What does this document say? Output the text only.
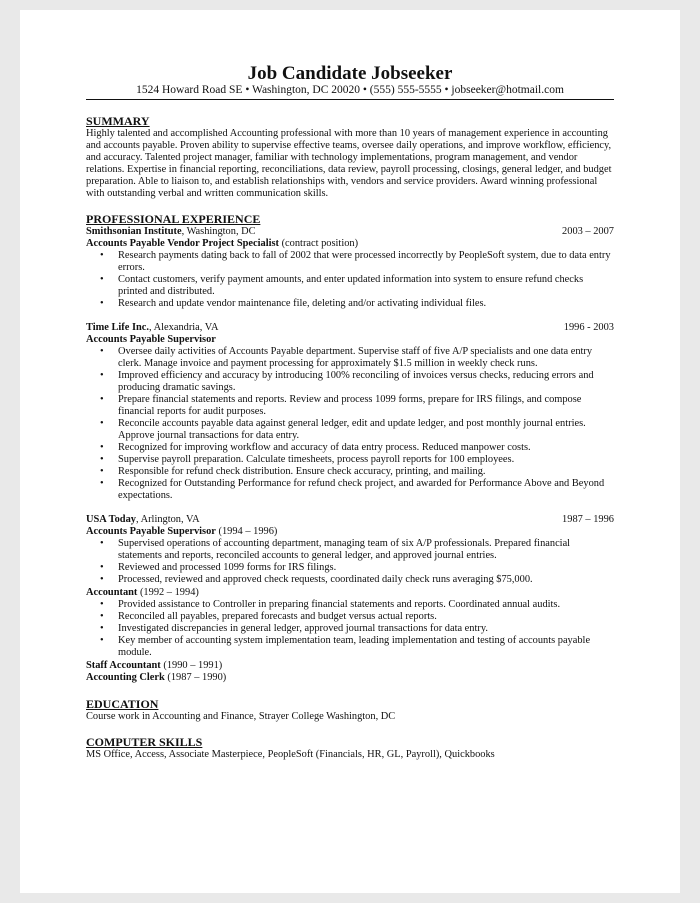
Job Candidate Jobseeker
1524 Howard Road SE • Washington, DC 20020 • (555) 555-5555 • jobseeker@hotmail.com
SUMMARY
Highly talented and accomplished Accounting professional with more than 10 years of management experience in accounting and accounts payable. Proven ability to supervise effective teams, oversee daily operations, and improve workflow, efficiency, and accuracy. Talented project manager, familiar with technology implementations, program management, and vendor relations. Expertise in financial reporting, reconciliations, data review, payroll processing, closings, general ledger, and budget preparation. Able to liaison to, and establish relationships with, vendors and service providers. Award winning professional with outstanding verbal and written communication skills.
PROFESSIONAL EXPERIENCE
Smithsonian Institute, Washington, DC	2003 – 2007
Accounts Payable Vendor Project Specialist (contract position)
• Research payments dating back to fall of 2002 that were processed incorrectly by PeopleSoft system, due to data entry errors.
• Contact customers, verify payment amounts, and enter updated information into system to ensure refund checks printed and distributed.
• Research and update vendor maintenance file, deleting and/or activating individual files.
Time Life Inc., Alexandria, VA	1996 - 2003
Accounts Payable Supervisor
• Oversee daily activities of Accounts Payable department. Supervise staff of five A/P specialists and one data entry clerk. Manage invoice and payment processing for approximately $1.5 million in weekly check runs.
• Improved efficiency and accuracy by introducing 100% reconciling of invoices versus checks, reducing errors and producing dramatic savings.
• Prepare financial statements and reports. Review and process 1099 forms, prepare for IRS filings, and compose financial reports for audit purposes.
• Reconcile accounts payable data against general ledger, edit and update ledger, and post monthly journal entries. Approve journal transactions for data entry.
• Recognized for improving workflow and accuracy of data entry process. Reduced manpower costs.
• Supervise payroll preparation. Calculate timesheets, process payroll reports for 100 employees.
• Responsible for refund check distribution. Ensure check accuracy, printing, and mailing.
• Recognized for Outstanding Performance for refund check project, and awarded for Performance Above and Beyond expectations.
USA Today, Arlington, VA	1987 – 1996
Accounts Payable Supervisor (1994 – 1996)
• Supervised operations of accounting department, managing team of six A/P professionals. Prepared financial statements and reports, reconciled accounts to general ledger, and approved journal entries.
• Reviewed and processed 1099 forms for IRS filings.
• Processed, reviewed and approved check requests, coordinated daily check runs averaging $75,000.
Accountant (1992 – 1994)
• Provided assistance to Controller in preparing financial statements and reports. Coordinated annual audits.
• Reconciled all payables, prepared forecasts and budget versus actual reports.
• Investigated discrepancies in general ledger, approved journal transactions for data entry.
• Key member of accounting system implementation team, leading implementation and testing of accounts payable module.
Staff Accountant (1990 – 1991)
Accounting Clerk (1987 – 1990)
EDUCATION
Course work in Accounting and Finance, Strayer College Washington, DC
COMPUTER SKILLS
MS Office, Access, Associate Masterpiece, PeopleSoft (Financials, HR, GL, Payroll), Quickbooks
